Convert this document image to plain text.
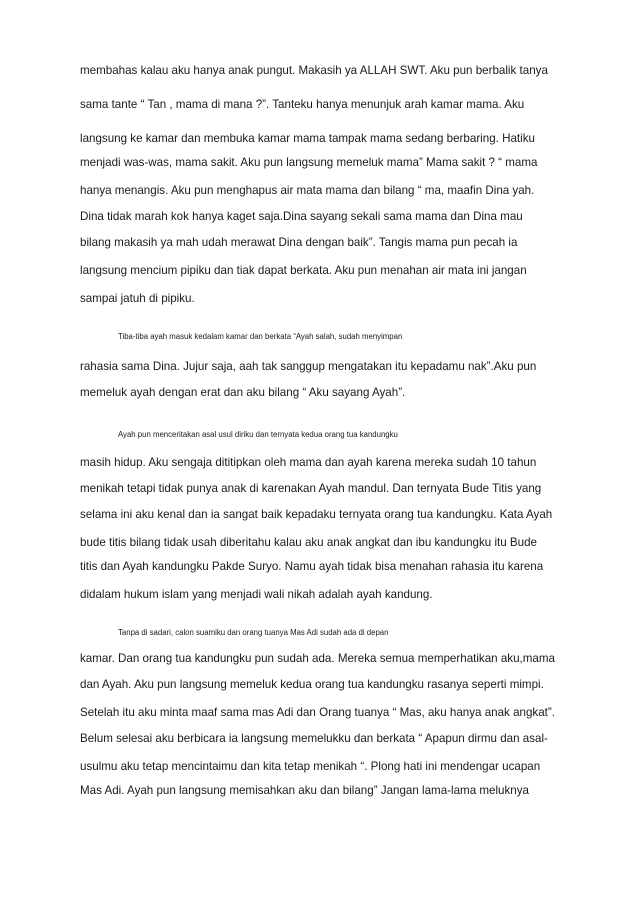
membahas kalau aku hanya anak pungut. Makasih ya ALLAH SWT. Aku pun berbalik tanya
sama tante “ Tan , mama di mana ?”. Tanteku hanya menunjuk arah kamar mama. Aku
langsung ke kamar dan membuka kamar mama tampak mama sedang berbaring. Hatiku
menjadi was-was, mama sakit. Aku pun langsung memeluk mama” Mama sakit ? “ mama
hanya menangis. Aku pun menghapus air mata mama dan bilang “ ma, maafin Dina yah.
Dina tidak marah kok hanya kaget saja.Dina sayang sekali sama mama dan Dina mau
bilang makasih ya mah udah merawat Dina dengan baik”. Tangis mama pun pecah ia
langsung mencium pipiku dan tiak dapat berkata. Aku pun menahan air mata ini jangan
sampai jatuh di pipiku.
Tiba-tiba ayah masuk kedalam kamar dan berkata “Ayah salah, sudah menyimpan
rahasia sama Dina. Jujur saja, aah tak sanggup mengatakan itu kepadamu nak”.Aku pun
memeluk ayah dengan erat dan aku bilang “ Aku sayang Ayah”.
Ayah pun menceritakan asal usul diriku dan ternyata kedua orang tua kandungku
masih hidup. Aku sengaja dititipkan oleh mama dan ayah karena mereka sudah 10 tahun
menikah tetapi tidak punya anak di karenakan Ayah mandul. Dan ternyata Bude Titis yang
selama ini aku kenal dan ia sangat baik kepadaku ternyata orang tua kandungku. Kata Ayah
bude titis bilang tidak usah diberitahu kalau aku anak angkat dan ibu kandungku itu Bude
titis dan Ayah kandungku Pakde Suryo. Namu ayah tidak bisa menahan rahasia itu karena
didalam hukum islam yang menjadi wali nikah adalah ayah kandung.
Tanpa di sadari, calon suamiku dan orang tuanya Mas Adi sudah ada di depan
kamar. Dan orang tua kandungku pun sudah ada. Mereka semua memperhatikan aku,mama
dan Ayah. Aku pun langsung memeluk kedua orang tua kandungku rasanya seperti mimpi.
Setelah itu aku minta maaf sama mas Adi dan Orang tuanya “ Mas, aku hanya anak angkat”.
Belum selesai aku berbicara ia langsung memelukku dan berkata “ Apapun dirmu dan asal-
usulmu aku tetap mencintaimu dan kita tetap menikah “. Plong hati ini mendengar ucapan
Mas Adi. Ayah pun langsung memisahkan aku dan bilang” Jangan lama-lama meluknya
